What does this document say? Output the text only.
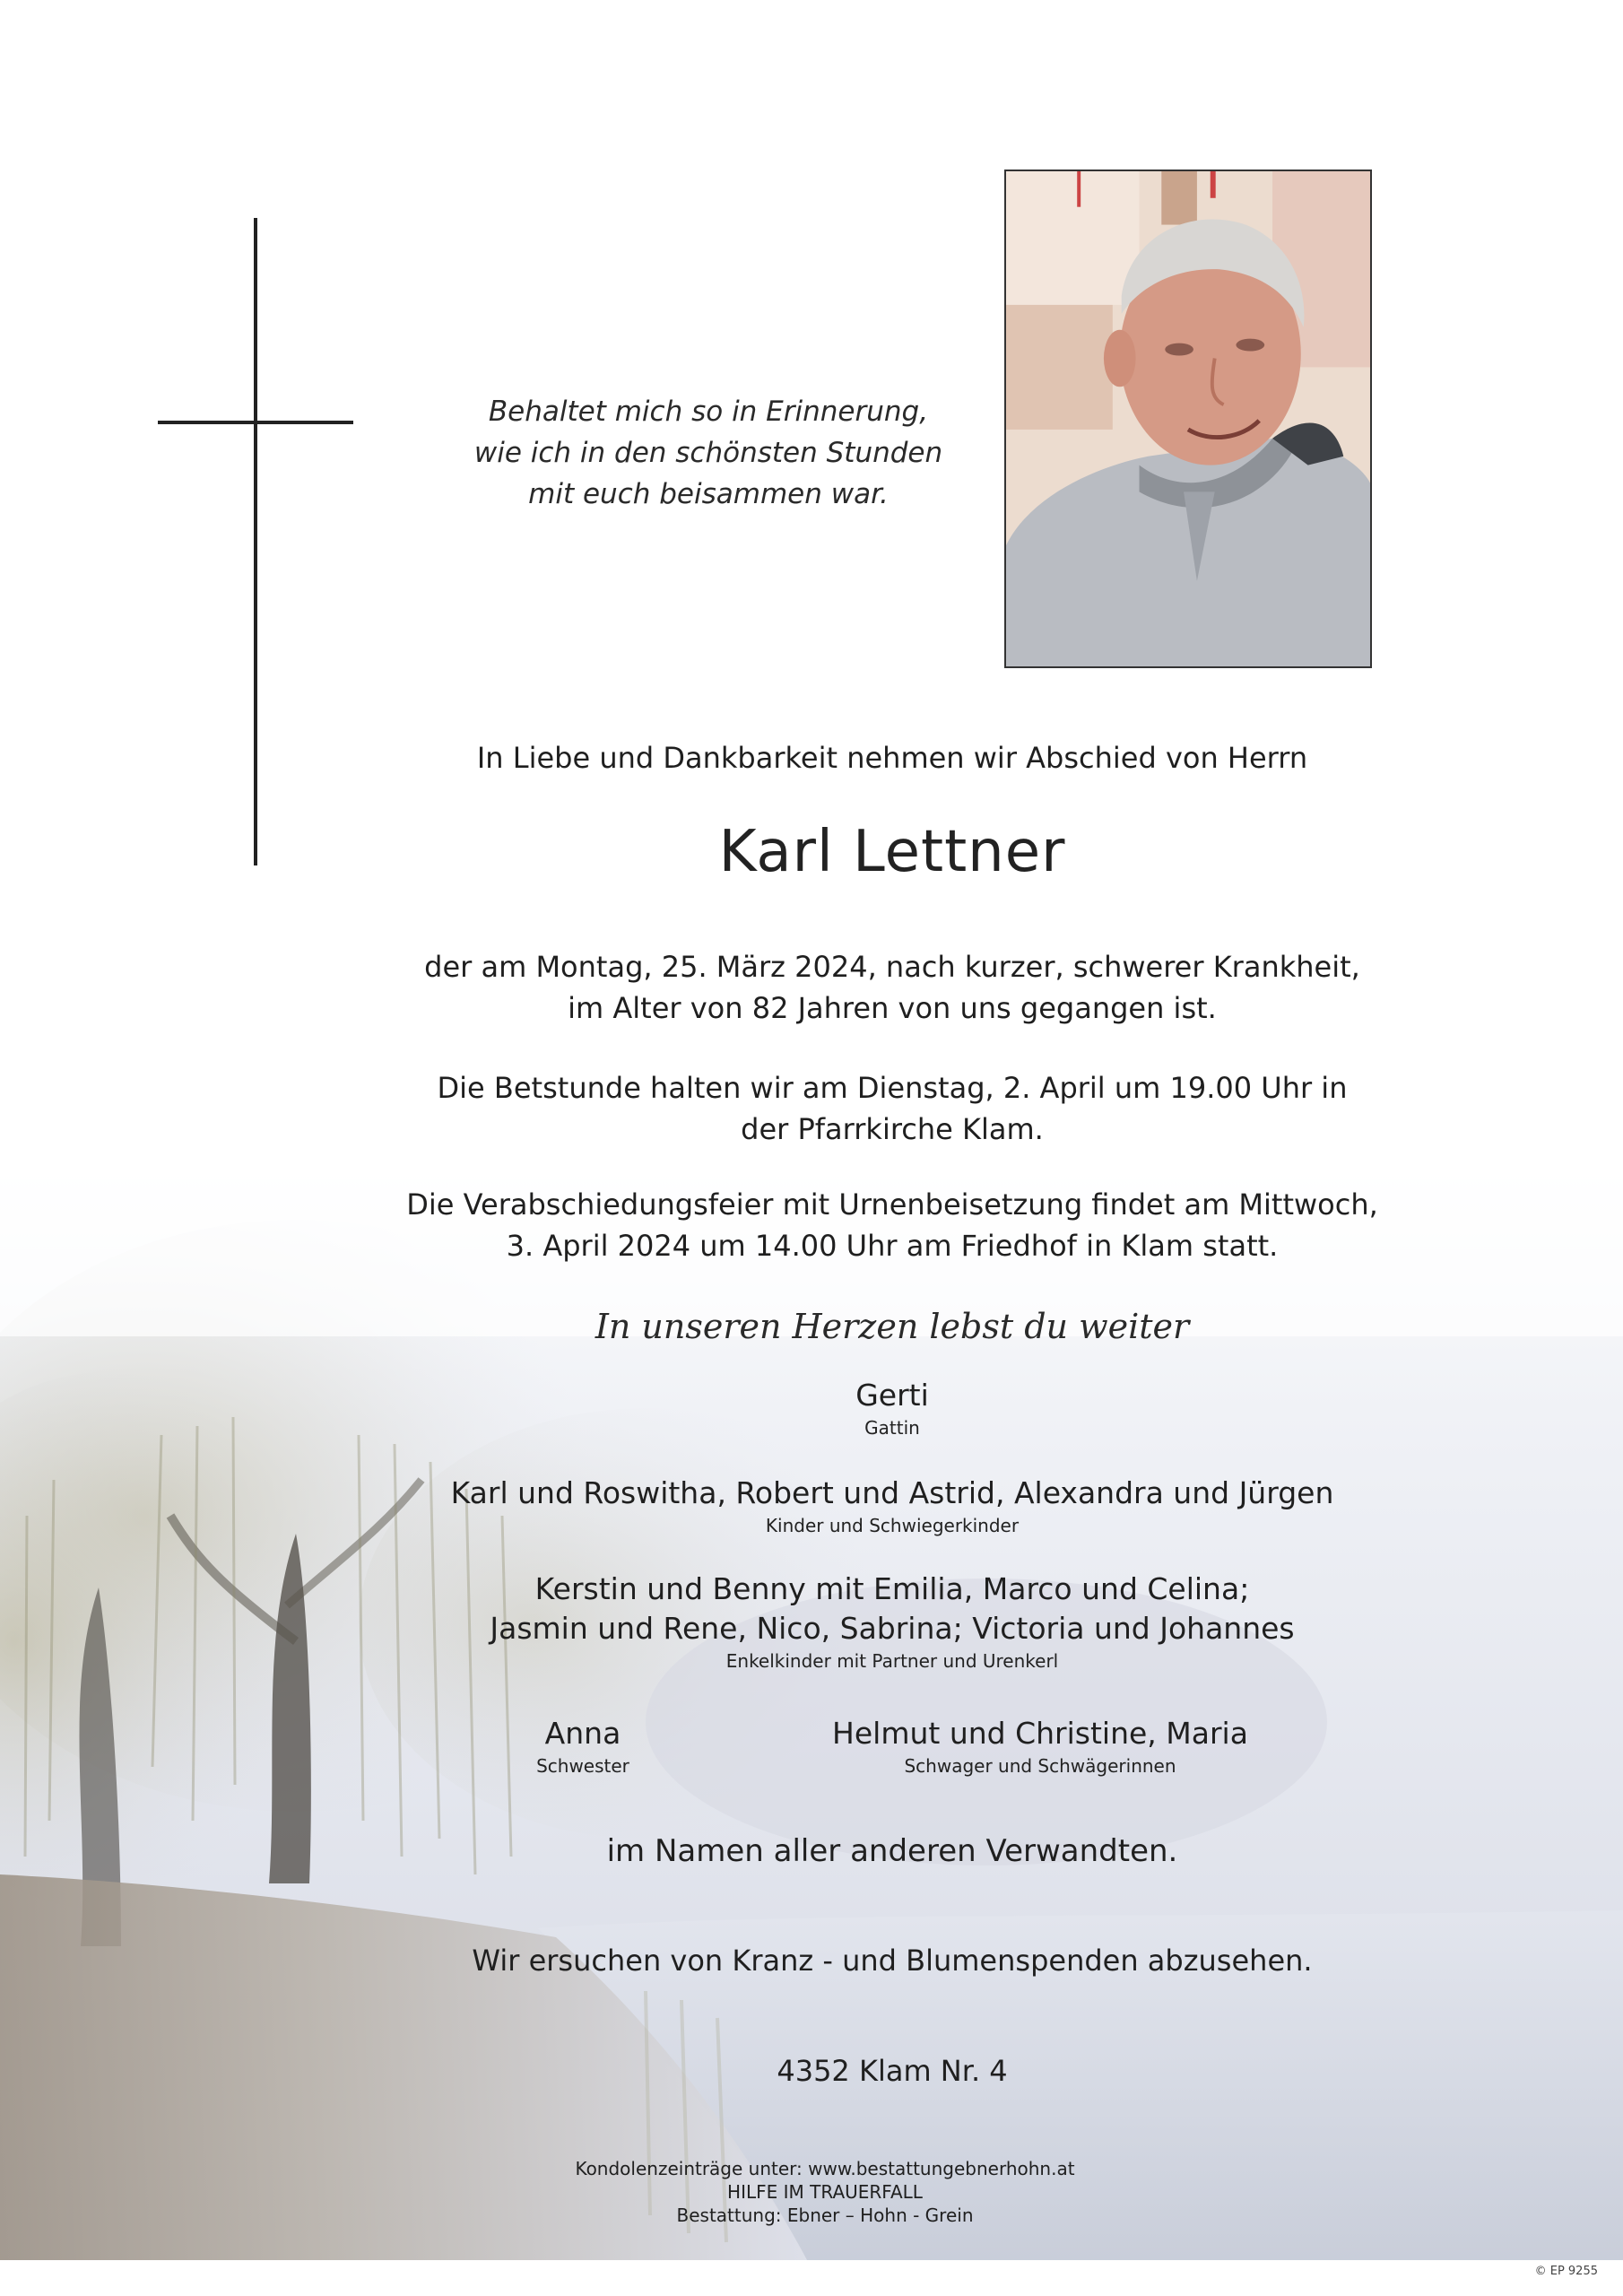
Behaltet mich so in Erinnerung,
wie ich in den schönsten Stunden
mit euch beisammen war.
In Liebe und Dankbarkeit nehmen wir Abschied von Herrn
Karl Lettner
der am Montag, 25. März 2024, nach kurzer, schwerer Krankheit,
im Alter von 82 Jahren von uns gegangen ist.
Die Betstunde halten wir am Dienstag, 2. April um 19.00 Uhr in
der Pfarrkirche Klam.
Die Verabschiedungsfeier mit Urnenbeisetzung findet am Mittwoch,
3. April 2024 um 14.00 Uhr am Friedhof in Klam statt.
In unseren Herzen lebst du weiter
Gerti
Gattin
Karl und Roswitha, Robert und Astrid, Alexandra und Jürgen
Kinder und Schwiegerkinder
Kerstin und Benny mit Emilia, Marco und Celina;
Jasmin und Rene, Nico, Sabrina; Victoria und Johannes
Enkelkinder mit Partner und Urenkerl
Anna
Schwester
Helmut und Christine, Maria
Schwager und Schwägerinnen
im Namen aller anderen Verwandten.
Wir ersuchen von Kranz - und Blumenspenden abzusehen.
4352 Klam Nr. 4
Kondolenzeinträge unter: www.bestattungebnerhohn.at
HILFE IM TRAUERFALL
Bestattung: Ebner – Hohn - Grein
© EP 9255
